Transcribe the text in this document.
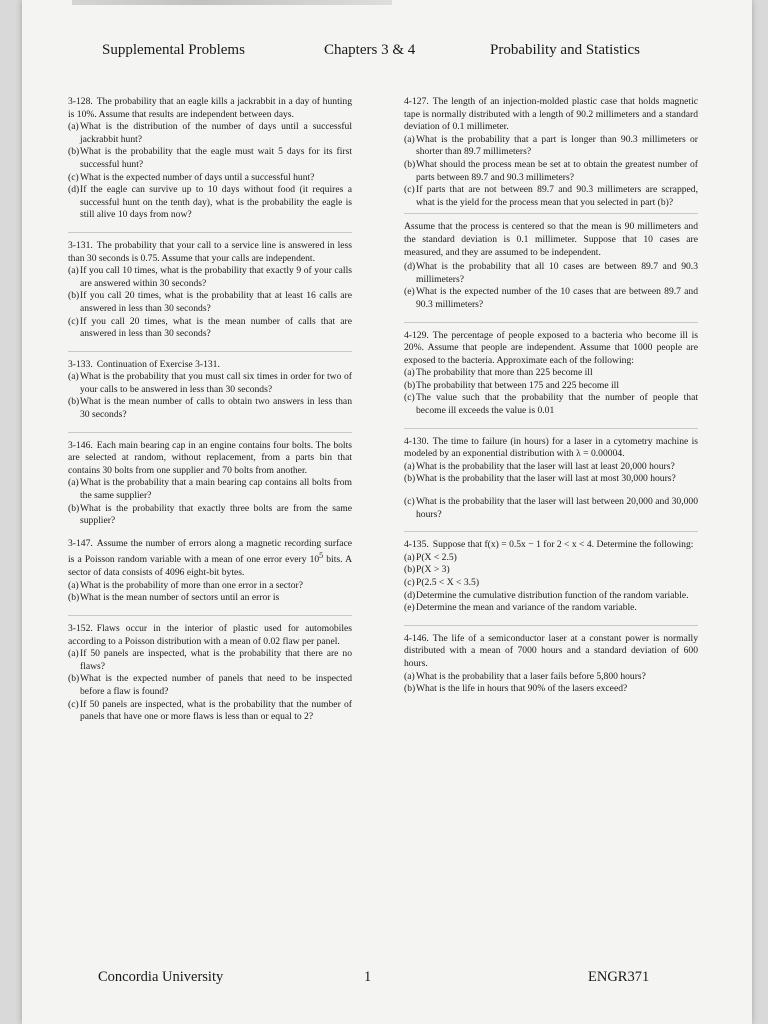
Supplemental Problems	Chapters 3 & 4	Probability and Statistics

3-128. The probability that an eagle kills a jackrabbit in a day of hunting is 10%. Assume that results are independent between days.

(a)What is the distribution of the number of days until a successful jackrabbit hunt?
(b)What is the probability that the eagle must wait 5 days for its first successful hunt?
(c)What is the expected number of days until a successful hunt?
(d)If the eagle can survive up to 10 days without food (it requires a successful hunt on the tenth day), what is the probability the eagle is still alive 10 days from now?

3-131. The probability that your call to a service line is answered in less than 30 seconds is 0.75. Assume that your calls are independent.

(a)If you call 10 times, what is the probability that exactly 9 of your calls are answered within 30 seconds?
(b)If you call 20 times, what is the probability that at least 16 calls are answered in less than 30 seconds?
(c)If you call 20 times, what is the mean number of calls that are answered in less than 30 seconds?

3-133. Continuation of Exercise 3-131.

(a)What is the probability that you must call six times in order for two of your calls to be answered in less than 30 seconds?
(b)What is the mean number of calls to obtain two answers in less than 30 seconds?

3-146. Each main bearing cap in an engine contains four bolts. The bolts are selected at random, without replacement, from a parts bin that contains 30 bolts from one supplier and 70 bolts from another.

(a)What is the probability that a main bearing cap contains all bolts from the same supplier?
(b)What is the probability that exactly three bolts are from the same supplier?

3-147. Assume the number of errors along a magnetic recording surface is a Poisson random variable with a mean of one error every $10^5$ bits. A sector of data consists of 4096 eight-bit bytes.

(a)What is the probability of more than one error in a sector?
(b)What is the mean number of sectors until an error is

3-152. Flaws occur in the interior of plastic used for automobiles according to a Poisson distribution with a mean of 0.02 flaw per panel.

(a)If 50 panels are inspected, what is the probability that there are no flaws?
(b)What is the expected number of panels that need to be inspected before a flaw is found?
(c)If 50 panels are inspected, what is the probability that the number of panels that have one or more flaws is less than or equal to 2?

4-127. The length of an injection-molded plastic case that holds magnetic tape is normally distributed with a length of 90.2 millimeters and a standard deviation of 0.1 millimeter.

(a)What is the probability that a part is longer than 90.3 millimeters or shorter than 89.7 millimeters?
(b)What should the process mean be set at to obtain the greatest number of parts between 89.7 and 90.3 millimeters?
(c)If parts that are not between 89.7 and 90.3 millimeters are scrapped, what is the yield for the process mean that you selected in part (b)?

Assume that the process is centered so that the mean is 90 millimeters and the standard deviation is 0.1 millimeter. Suppose that 10 cases are measured, and they are assumed to be independent.

(d)What is the probability that all 10 cases are between 89.7 and 90.3 millimeters?
(e)What is the expected number of the 10 cases that are between 89.7 and 90.3 millimeters?

4-129. The percentage of people exposed to a bacteria who become ill is 20%. Assume that people are independent. Assume that 1000 people are exposed to the bacteria. Approximate each of the following:

(a)The probability that more than 225 become ill
(b)The probability that between 175 and 225 become ill
(c)The value such that the probability that the number of people that become ill exceeds the value is 0.01

4-130. The time to failure (in hours) for a laser in a cytometry machine is modeled by an exponential distribution with λ = 0.00004.

(a)What is the probability that the laser will last at least 20,000 hours?
(b)What is the probability that the laser will last at most 30,000 hours?
(c)What is the probability that the laser will last between 20,000 and 30,000 hours?

4-135. Suppose that f(x) = 0.5x − 1 for 2 < x < 4. Determine the following:

(a)P(X < 2.5)
(b)P(X > 3)
(c)P(2.5 < X < 3.5)
(d)Determine the cumulative distribution function of the random variable.
(e)Determine the mean and variance of the random variable.

4-146. The life of a semiconductor laser at a constant power is normally distributed with a mean of 7000 hours and a standard deviation of 600 hours.

(a)What is the probability that a laser fails before 5,800 hours?
(b)What is the life in hours that 90% of the lasers exceed?
Concordia University	1	ENGR371
